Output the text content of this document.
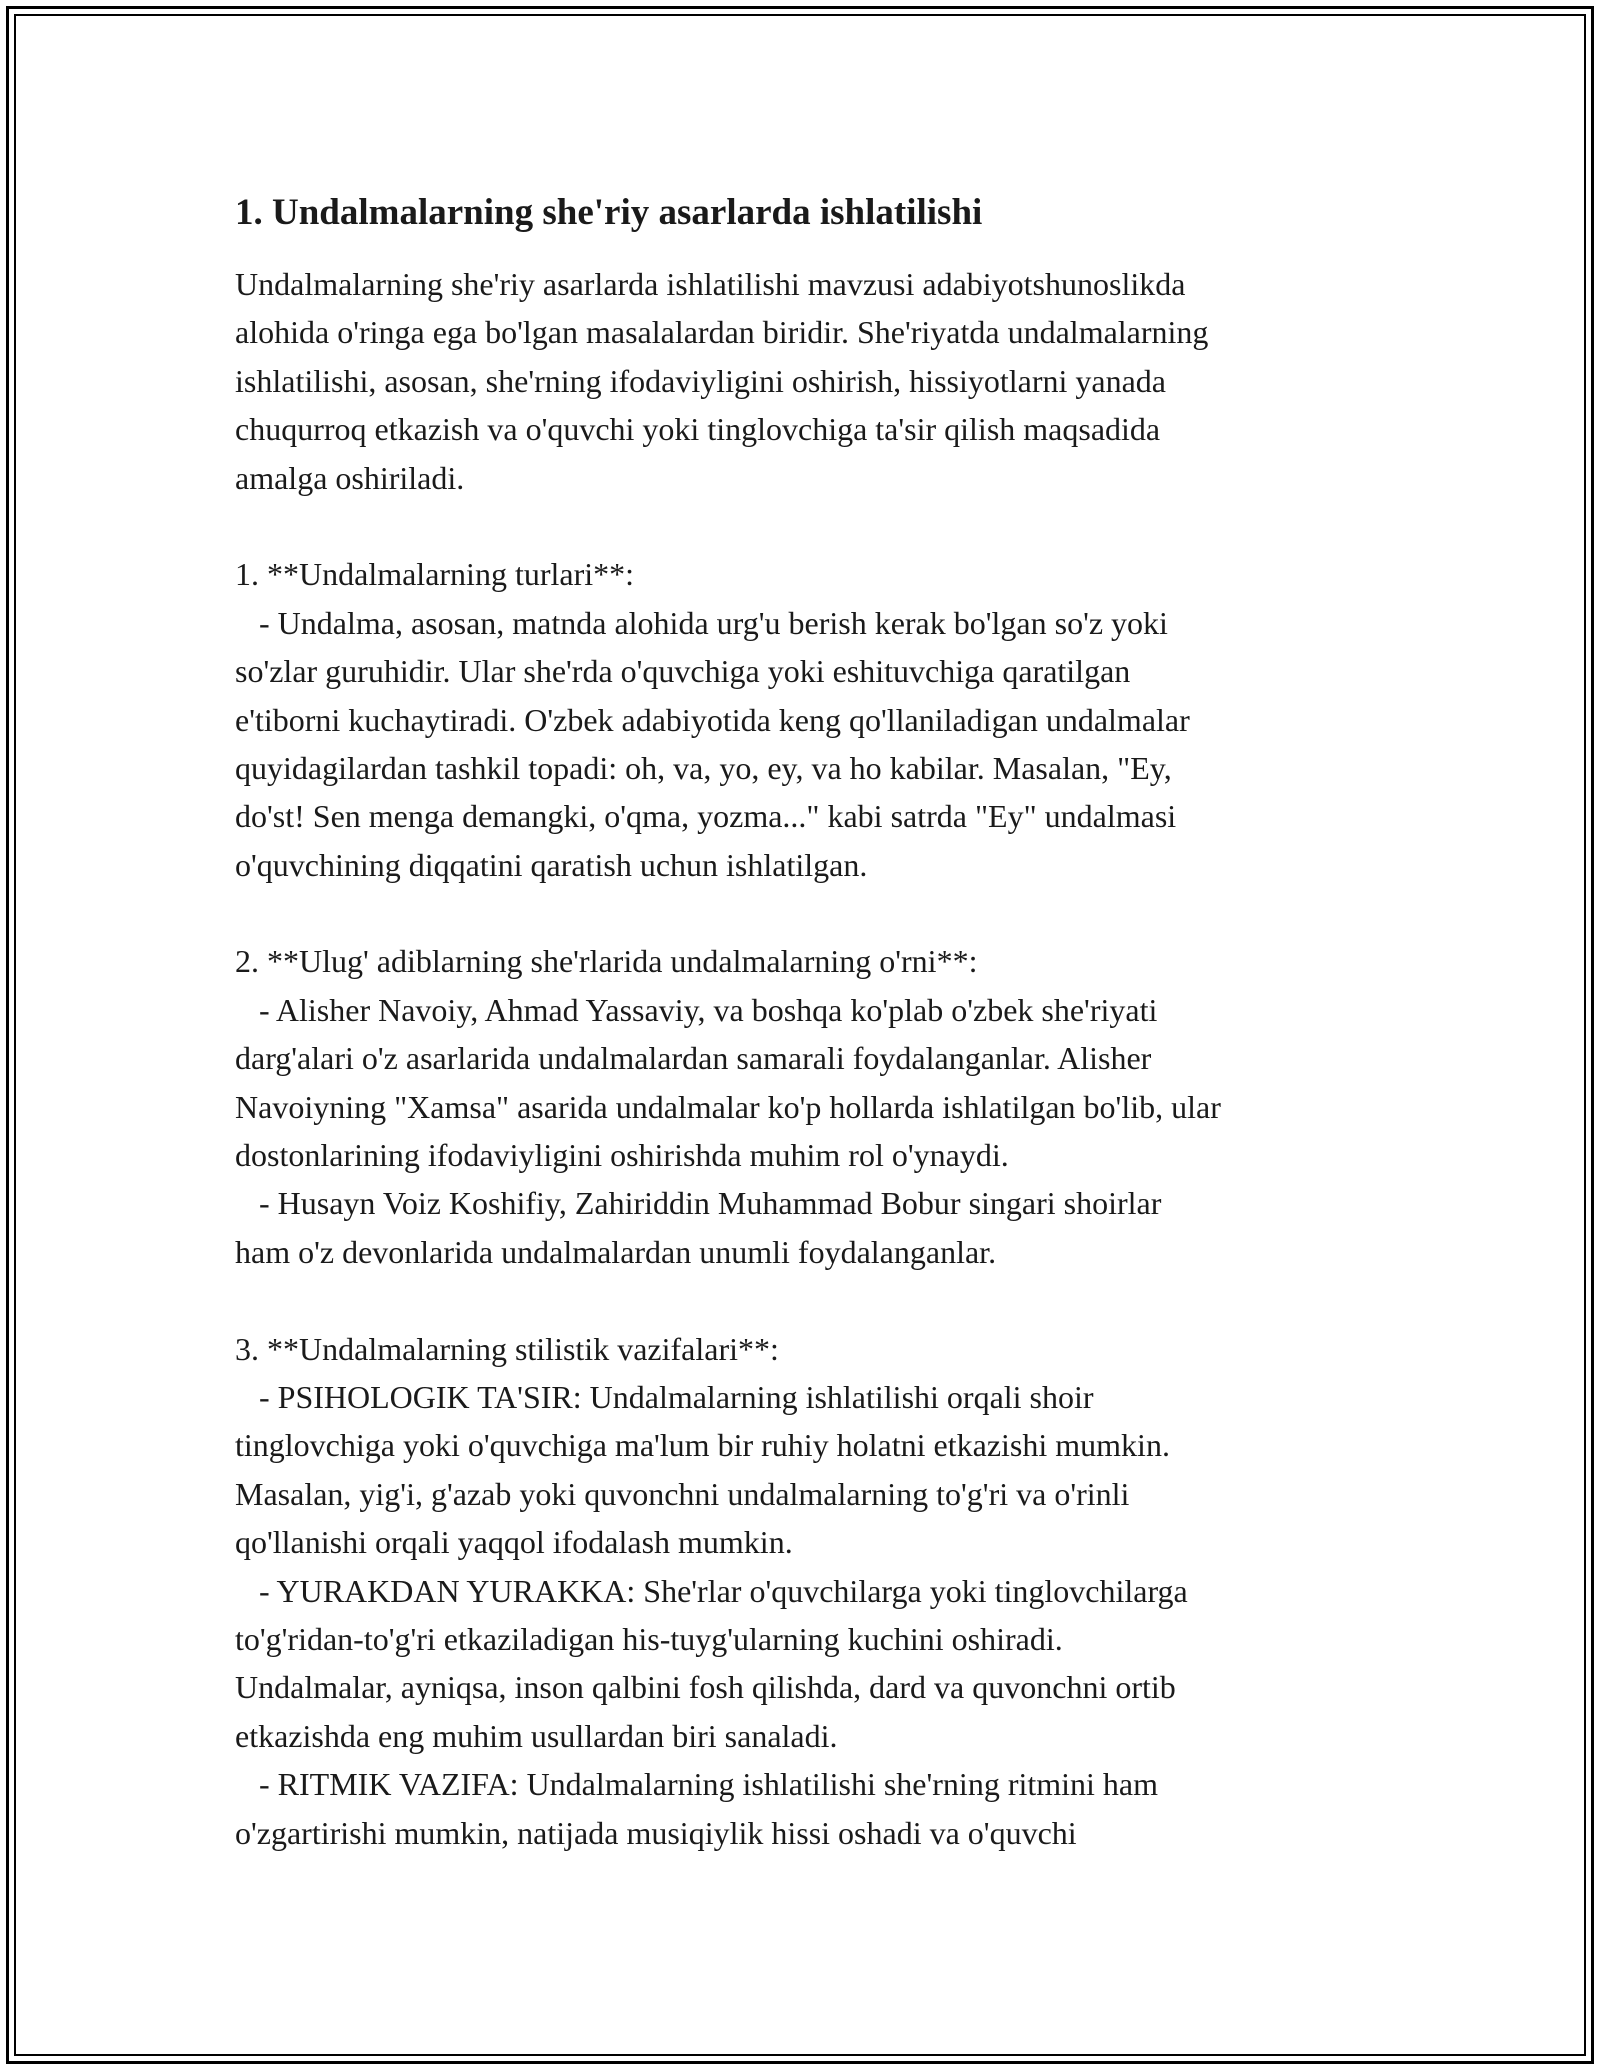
1. Undalmalarning she'riy asarlarda ishlatilishi
Undalmalarning she'riy asarlarda ishlatilishi mavzusi adabiyotshunoslikda
alohida o'ringa ega bo'lgan masalalardan biridir. She'riyatda undalmalarning
ishlatilishi, asosan, she'rning ifodaviyligini oshirish, hissiyotlarni yanada
chuqurroq etkazish va o'quvchi yoki tinglovchiga ta'sir qilish maqsadida
amalga oshiriladi.
1. **Undalmalarning turlari**:
- Undalma, asosan, matnda alohida urg'u berish kerak bo'lgan so'z yoki
so'zlar guruhidir. Ular she'rda o'quvchiga yoki eshituvchiga qaratilgan
e'tiborni kuchaytiradi. O'zbek adabiyotida keng qo'llaniladigan undalmalar
quyidagilardan tashkil topadi: oh, va, yo, ey, va ho kabilar. Masalan, "Ey,
do'st! Sen menga demangki, o'qma, yozma..." kabi satrda "Ey" undalmasi
o'quvchining diqqatini qaratish uchun ishlatilgan.
2. **Ulug' adiblarning she'rlarida undalmalarning o'rni**:
- Alisher Navoiy, Ahmad Yassaviy, va boshqa ko'plab o'zbek she'riyati
darg'alari o'z asarlarida undalmalardan samarali foydalanganlar. Alisher
Navoiyning "Xamsa" asarida undalmalar ko'p hollarda ishlatilgan bo'lib, ular
dostonlarining ifodaviyligini oshirishda muhim rol o'ynaydi.
- Husayn Voiz Koshifiy, Zahiriddin Muhammad Bobur singari shoirlar
ham o'z devonlarida undalmalardan unumli foydalanganlar.
3. **Undalmalarning stilistik vazifalari**:
- PSIHOLOGIK TA'SIR: Undalmalarning ishlatilishi orqali shoir
tinglovchiga yoki o'quvchiga ma'lum bir ruhiy holatni etkazishi mumkin.
Masalan, yig'i, g'azab yoki quvonchni undalmalarning to'g'ri va o'rinli
qo'llanishi orqali yaqqol ifodalash mumkin.
- YURAKDAN YURAKKA: She'rlar o'quvchilarga yoki tinglovchilarga
to'g'ridan-to'g'ri etkaziladigan his-tuyg'ularning kuchini oshiradi.
Undalmalar, ayniqsa, inson qalbini fosh qilishda, dard va quvonchni ortib
etkazishda eng muhim usullardan biri sanaladi.
- RITMIK VAZIFA: Undalmalarning ishlatilishi she'rning ritmini ham
o'zgartirishi mumkin, natijada musiqiylik hissi oshadi va o'quvchi
